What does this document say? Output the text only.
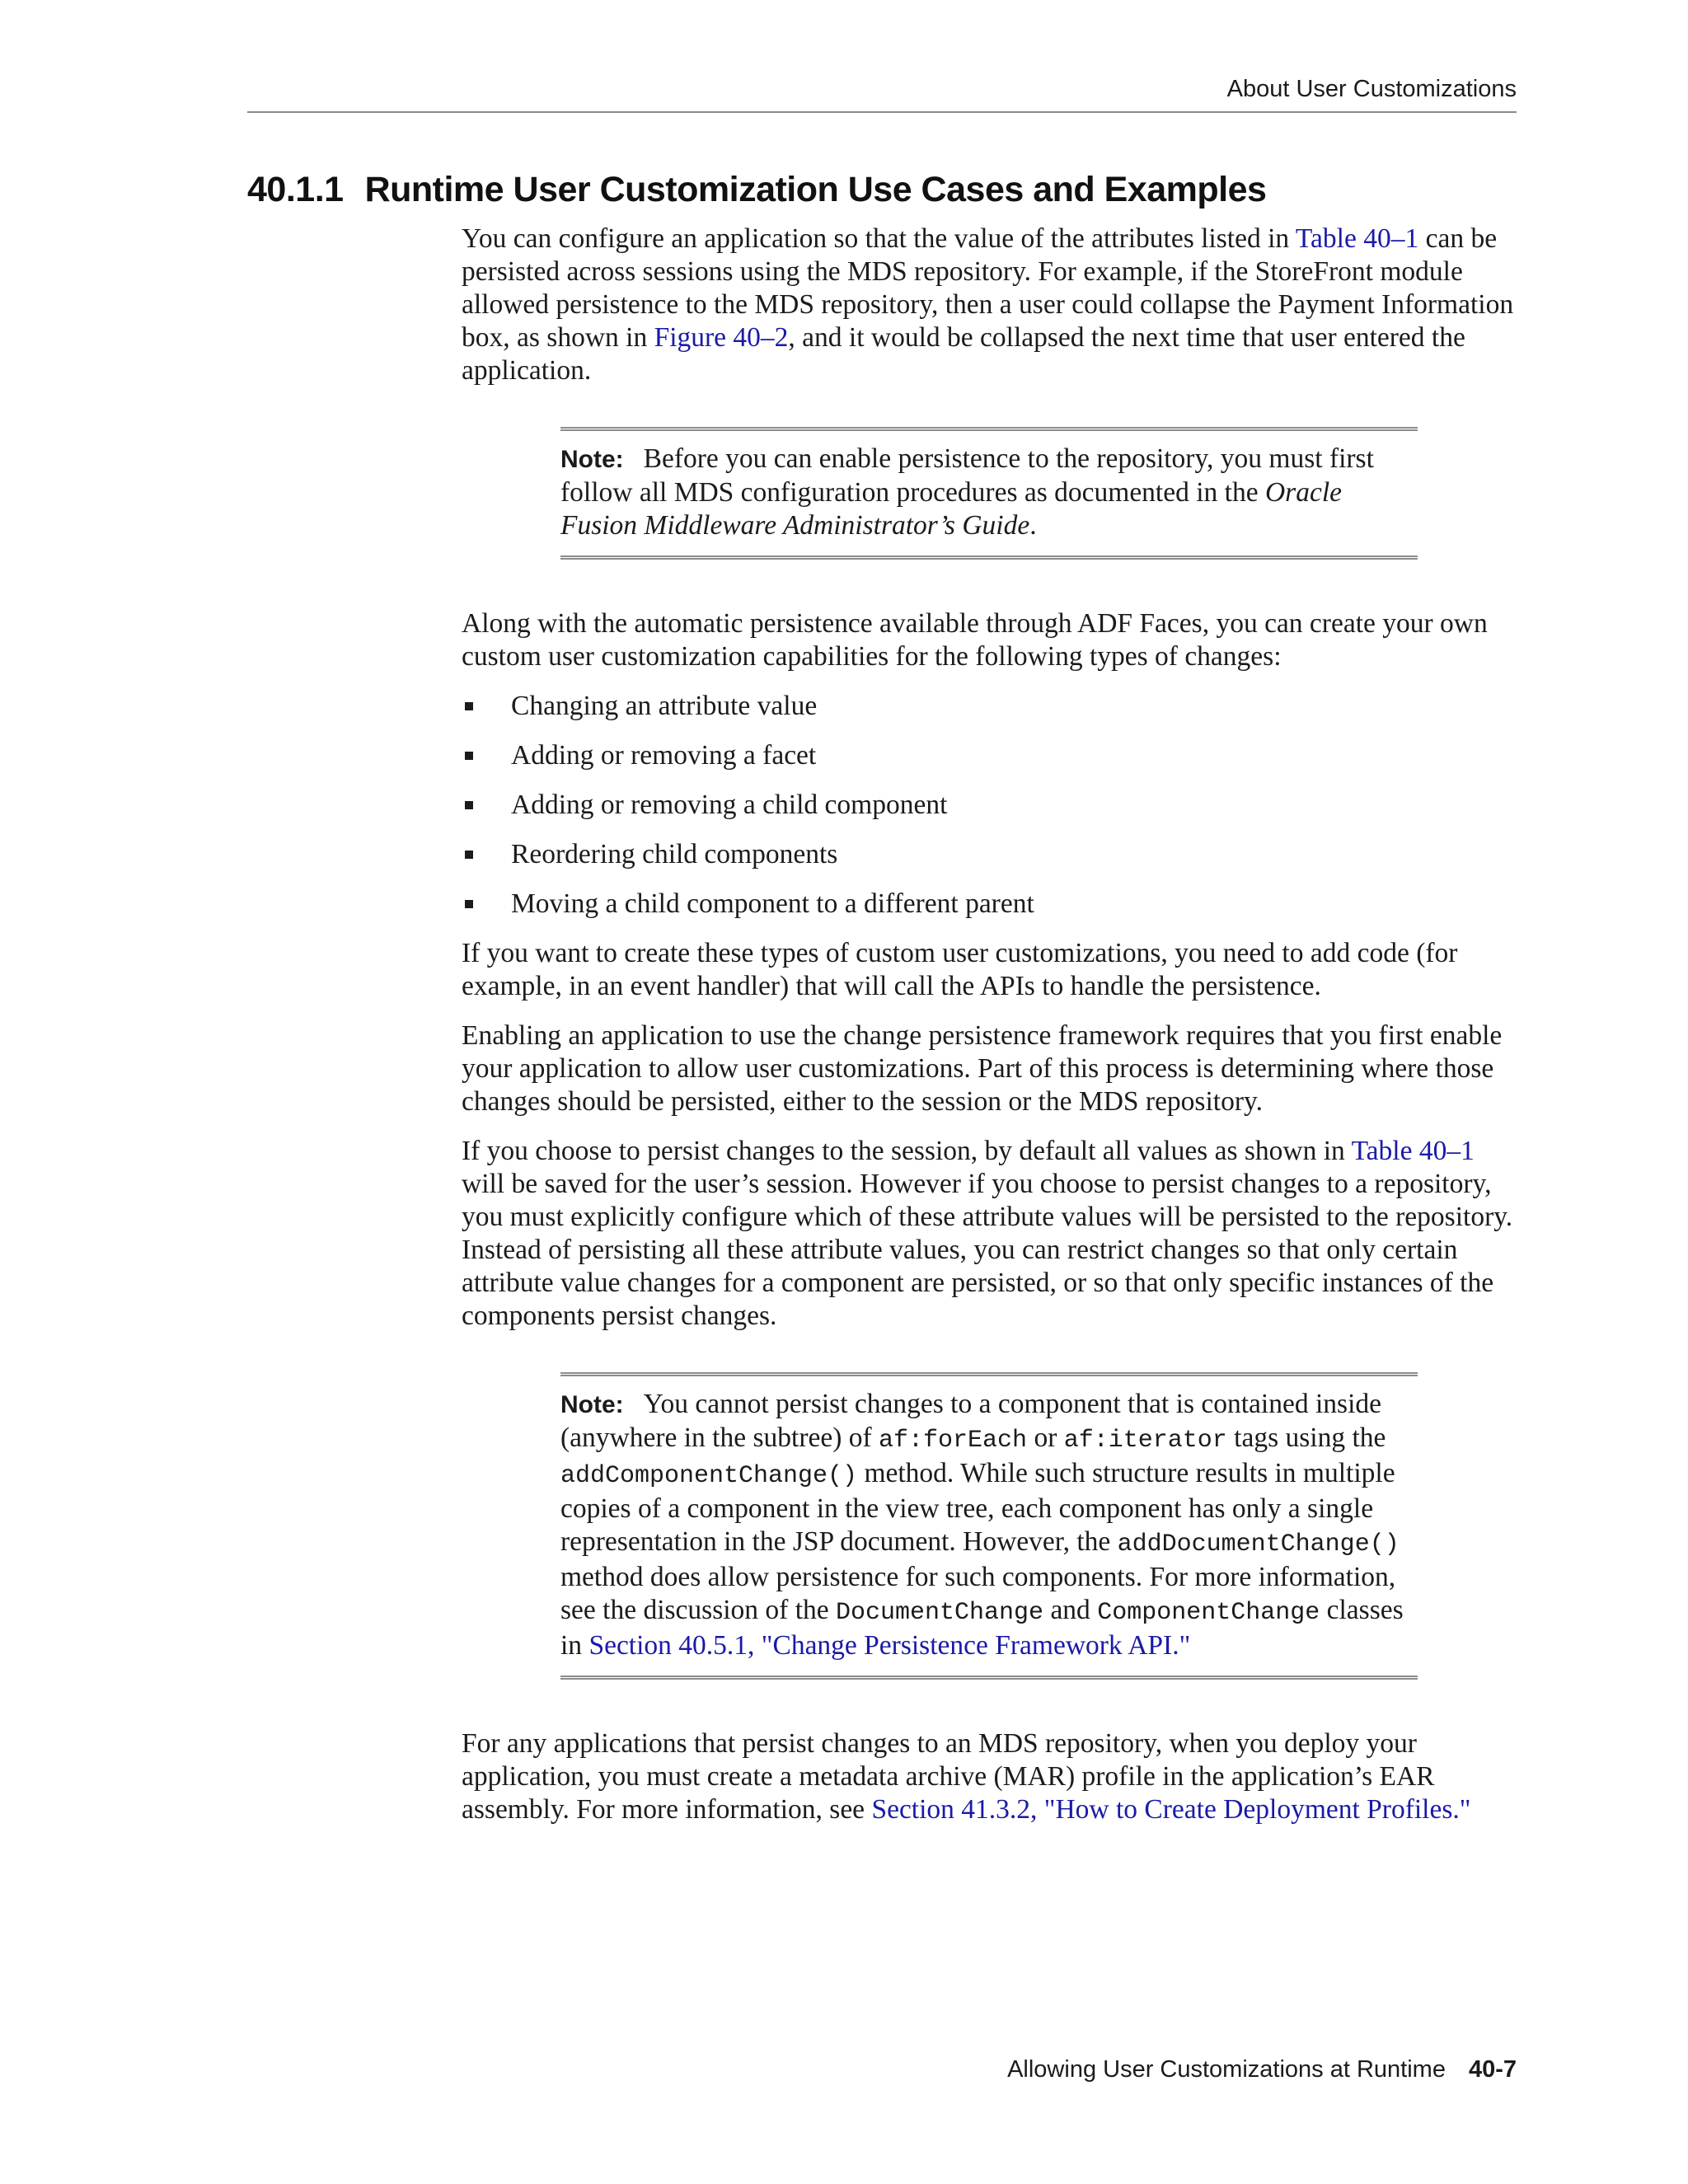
About User Customizations
40.1.1 Runtime User Customization Use Cases and Examples

You can configure an application so that the value of the attributes listed in Table 40–1 can be persisted across sessions using the MDS repository. For example, if the StoreFront module allowed persistence to the MDS repository, then a user could collapse the Payment Information box, as shown in Figure 40–2, and it would be collapsed the next time that user entered the application.

Note: Before you can enable persistence to the repository, you must first follow all MDS configuration procedures as documented in the Oracle Fusion Middleware Administrator’s Guide.

Along with the automatic persistence available through ADF Faces, you can create your own custom user customization capabilities for the following types of changes:

Changing an attribute value
Adding or removing a facet
Adding or removing a child component
Reordering child components
Moving a child component to a different parent

If you want to create these types of custom user customizations, you need to add code (for example, in an event handler) that will call the APIs to handle the persistence.

Enabling an application to use the change persistence framework requires that you first enable your application to allow user customizations. Part of this process is determining where those changes should be persisted, either to the session or the MDS repository.

If you choose to persist changes to the session, by default all values as shown in Table 40–1 will be saved for the user’s session. However if you choose to persist changes to a repository, you must explicitly configure which of these attribute values will be persisted to the repository. Instead of persisting all these attribute values, you can restrict changes so that only certain attribute value changes for a component are persisted, or so that only specific instances of the components persist changes.

Note: You cannot persist changes to a component that is contained inside (anywhere in the subtree) of af:forEach or af:iterator tags using the addComponentChange() method. While such structure results in multiple copies of a component in the view tree, each component has only a single representation in the JSP document. However, the addDocumentChange() method does allow persistence for such components. For more information, see the discussion of the DocumentChange and ComponentChange classes in Section 40.5.1, "Change Persistence Framework API."

For any applications that persist changes to an MDS repository, when you deploy your application, you must create a metadata archive (MAR) profile in the application’s EAR assembly. For more information, see Section 41.3.2, "How to Create Deployment Profiles."

Allowing User Customizations at Runtime 40-7
